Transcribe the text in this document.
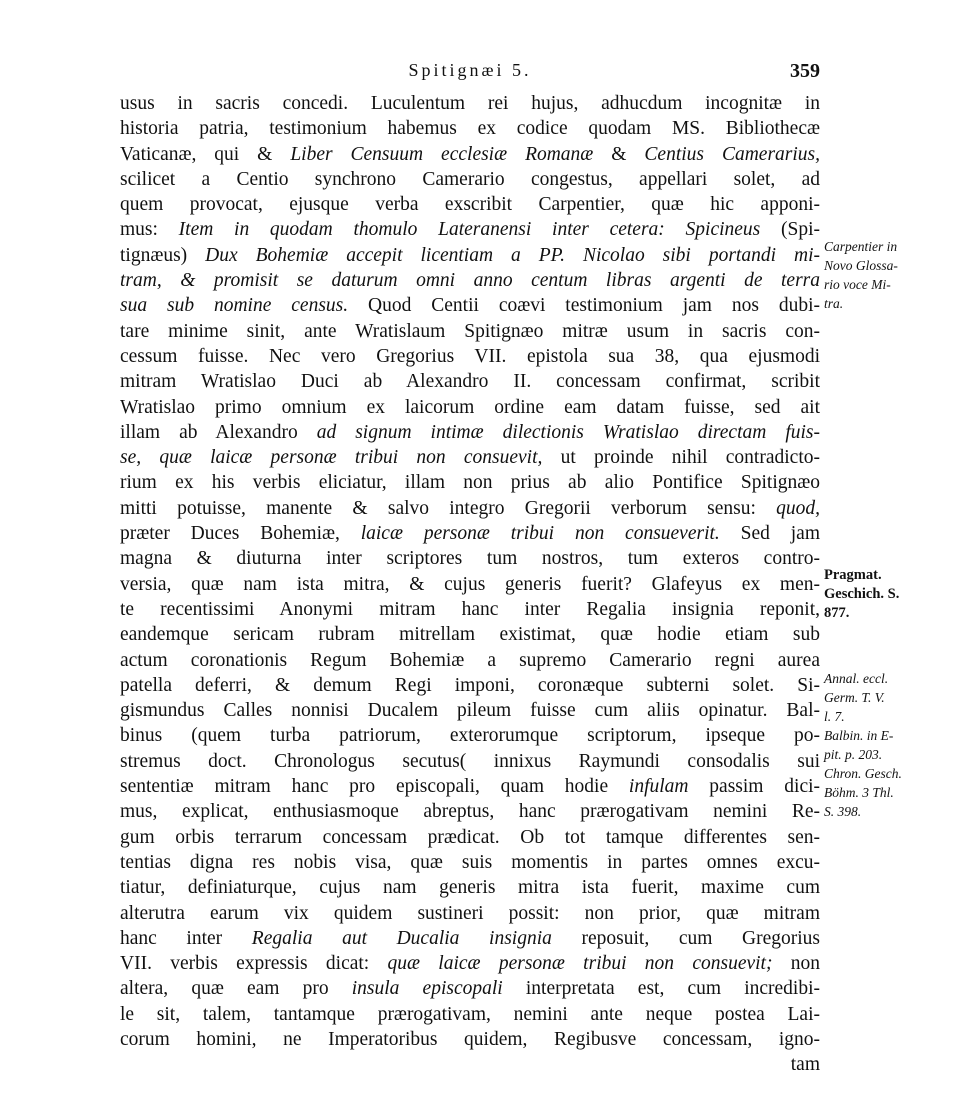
Spitignæi 5.	359
usus in sacris concedi. Luculentum rei hujus, adhucdum incognitæ in
historia patria, testimonium habemus ex codice quodam MS. Bibliothecæ
Vaticanæ, qui & Liber Censuum ecclesiæ Romanæ & Centius Camerarius,
scilicet a Centio synchrono Camerario congestus, appellari solet, ad
quem provocat, ejusque verba exscribit Carpentier, quæ hic apponi-
mus: Item in quodam thomulo Lateranensi inter cetera: Spicineus (Spi-
tignæus) Dux Bohemiæ accepit licentiam a PP. Nicolao sibi portandi mi-
tram, & promisit se daturum omni anno centum libras argenti de terra
sua sub nomine census. Quod Centii coævi testimonium jam nos dubi-
tare minime sinit, ante Wratislaum Spitignæo mitræ usum in sacris con-
cessum fuisse. Nec vero Gregorius VII. epistola sua 38, qua ejusmodi
mitram Wratislao Duci ab Alexandro II. concessam confirmat, scribit
Wratislao primo omnium ex laicorum ordine eam datam fuisse, sed ait
illam ab Alexandro ad signum intimæ dilectionis Wratislao directam fuis-
se, quæ laicæ personæ tribui non consuevit, ut proinde nihil contradicto-
rium ex his verbis eliciatur, illam non prius ab alio Pontifice Spitignæo
mitti potuisse, manente & salvo integro Gregorii verborum sensu: quod,
præter Duces Bohemiæ, laicæ personæ tribui non consueverit. Sed jam
magna & diuturna inter scriptores tum nostros, tum exteros contro-
versia, quæ nam ista mitra, & cujus generis fuerit? Glafeyus ex men-
te recentissimi Anonymi mitram hanc inter Regalia insignia reponit,
eandemque sericam rubram mitrellam existimat, quæ hodie etiam sub
actum coronationis Regum Bohemiæ a supremo Camerario regni aurea
patella deferri, & demum Regi imponi, coronæque subterni solet. Si-
gismundus Calles nonnisi Ducalem pileum fuisse cum aliis opinatur. Bal-
binus (quem turba patriorum, exterorumque scriptorum, ipseque po-
stremus doct. Chronologus secutus( innixus Raymundi consodalis sui
sententiæ mitram hanc pro episcopali, quam hodie infulam passim dici-
mus, explicat, enthusiasmoque abreptus, hanc prærogativam nemini Re-
gum orbis terrarum concessam prædicat. Ob tot tamque differentes sen-
tentias digna res nobis visa, quæ suis momentis in partes omnes excu-
tiatur, definiaturque, cujus nam generis mitra ista fuerit, maxime cum
alterutra earum vix quidem sustineri possit: non prior, quæ mitram
hanc inter Regalia aut Ducalia insignia reposuit, cum Gregorius
VII. verbis expressis dicat: quæ laicæ personæ tribui non consuevit; non
altera, quæ eam pro insula episcopali interpretata est, cum incredibi-
le sit, talem, tantamque prærogativam, nemini ante neque postea Lai-
corum homini, ne Imperatoribus quidem, Regibusve concessam, igno-
tam
Carpentier in
Novo Glossa-
rio voce Mi-
tra.
Pragmat.
Geschich. S.
877.
Annal. eccl.
Germ. T. V.
l. 7.
Balbin. in E-
pit. p. 203.
Chron. Gesch.
Böhm. 3 Thl.
S. 398.
